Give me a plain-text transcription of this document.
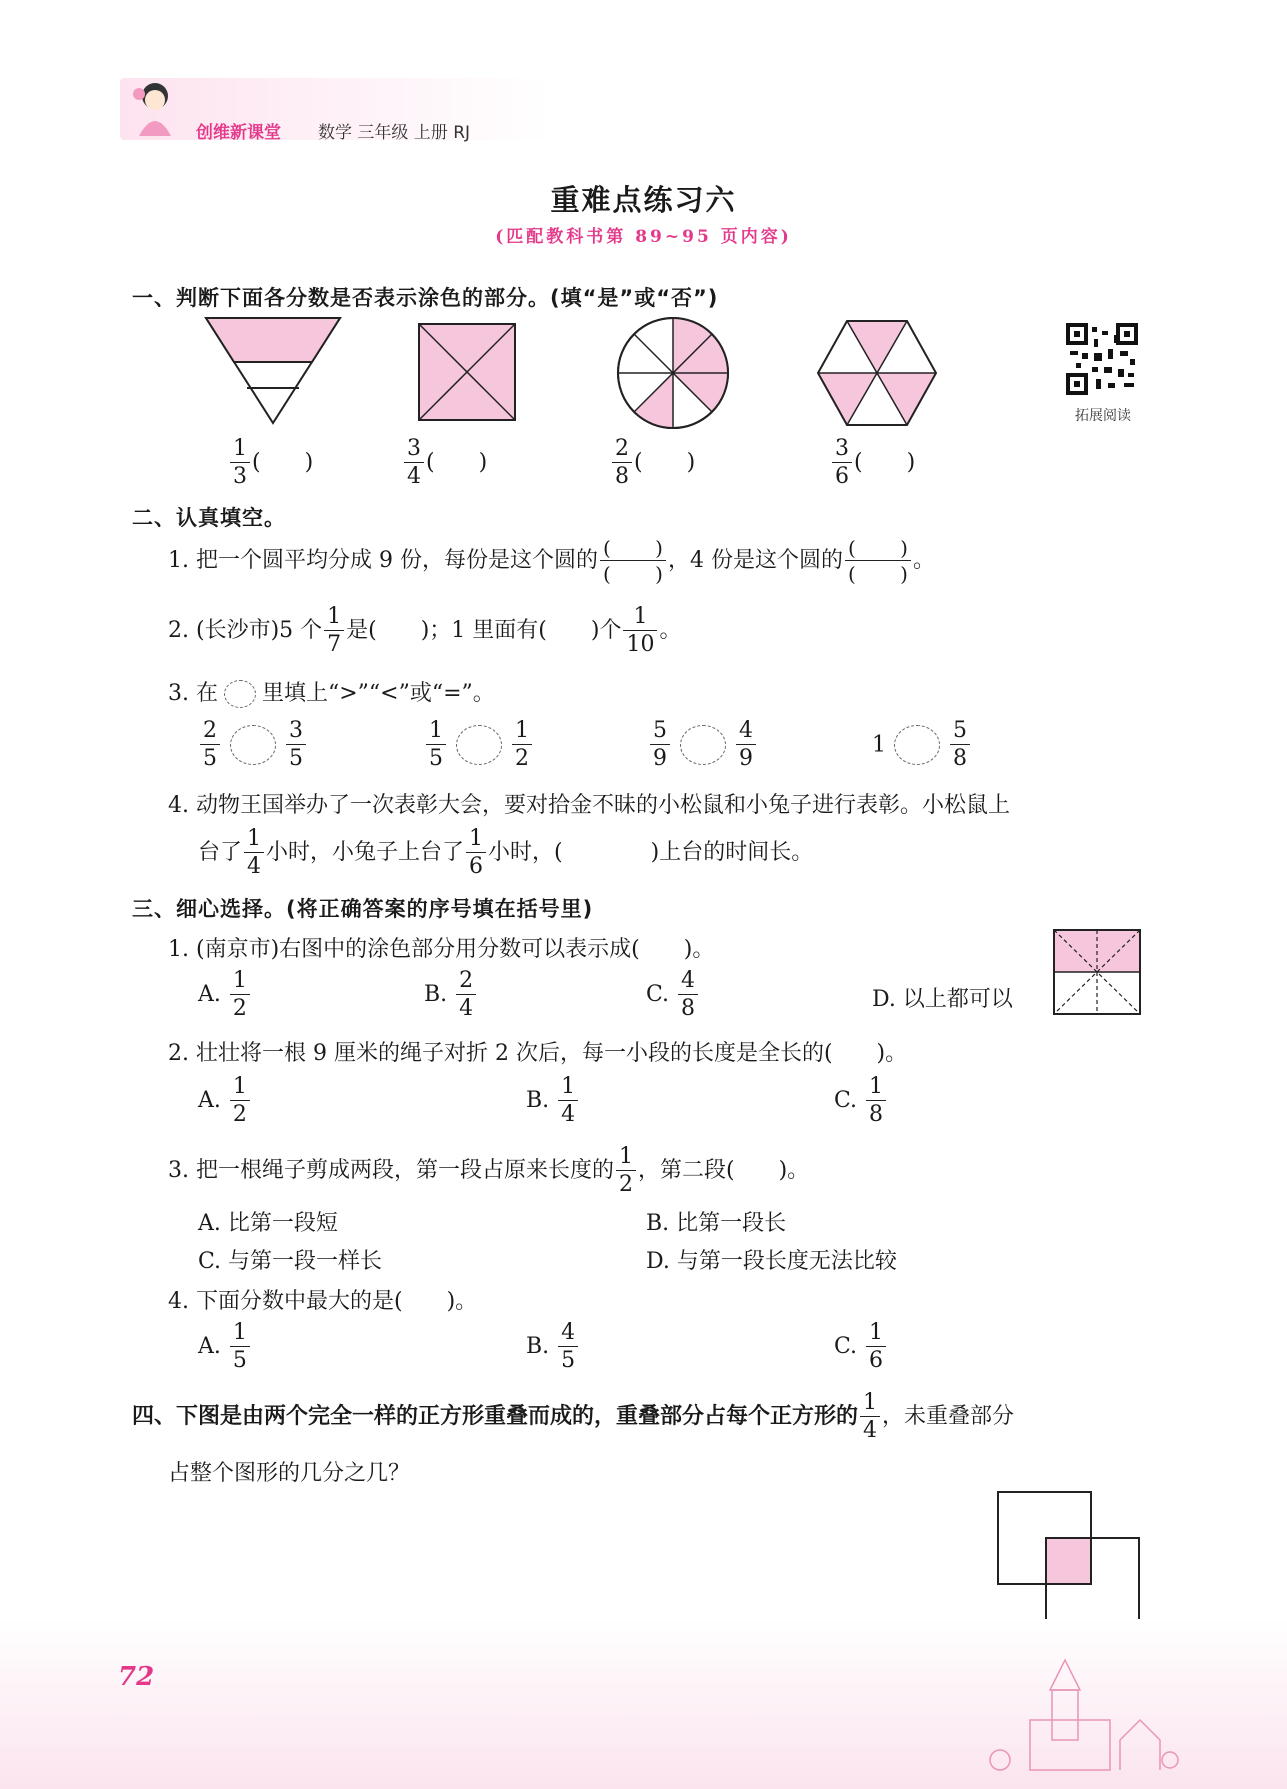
创维新课堂 数学 三年级 上册 RJ
重难点练习六
(匹配教科书第 89~95 页内容)
一、判断下面各分数是否表示涂色的部分。(填“是”或“否”)
拓展阅读
$\frac{1}{3}$ (　　)	$\frac{3}{4}$ (　　)	$\frac{2}{8}$ (　　)	$\frac{3}{6}$ (　　)
二、认真填空。
1. 把一个圆平均分成 9 份，每份是这个圆的 $\frac{( )}{( )}$ ，4 份是这个圆的 $\frac{( )}{( )}$ 。
2. (长沙市)5 个 $\frac{1}{7}$ 是(　　)；1 里面有(　　)个 $\frac{1}{10}$ 。
3. 在 里填上“>”“<”或“=”。
$\frac{2}{5}$	$\frac{3}{5}$	$\frac{1}{5}$	$\frac{1}{2}$	$\frac{5}{9}$	$\frac{4}{9}$	1	$\frac{5}{8}$
4. 动物王国举办了一次表彰大会，要对拾金不昧的小松鼠和小兔子进行表彰。小松鼠上
台了 $\frac{1}{4}$ 小时，小兔子上台了 $\frac{1}{6}$ 小时，(　　　　)上台的时间长。
三、细心选择。(将正确答案的序号填在括号里)
1. (南京市)右图中的涂色部分用分数可以表示成(　　)。
A. $\frac{1}{2}$	B. $\frac{2}{4}$	C. $\frac{4}{8}$	D. 以上都可以
2. 壮壮将一根 9 厘米的绳子对折 2 次后，每一小段的长度是全长的(　　)。
A. $\frac{1}{2}$	B. $\frac{1}{4}$	C. $\frac{1}{8}$
3. 把一根绳子剪成两段，第一段占原来长度的 $\frac{1}{2}$ ，第二段(　　)。
A. 比第一段短	B. 比第一段长
C. 与第一段一样长	D. 与第一段长度无法比较
4. 下面分数中最大的是(　　)。
A. $\frac{1}{5}$	B. $\frac{4}{5}$	C. $\frac{1}{6}$
四、下图是由两个完全一样的正方形重叠而成的，重叠部分占每个正方形的 $\frac{1}{4}$ ，未重叠部分
占整个图形的几分之几？
72
